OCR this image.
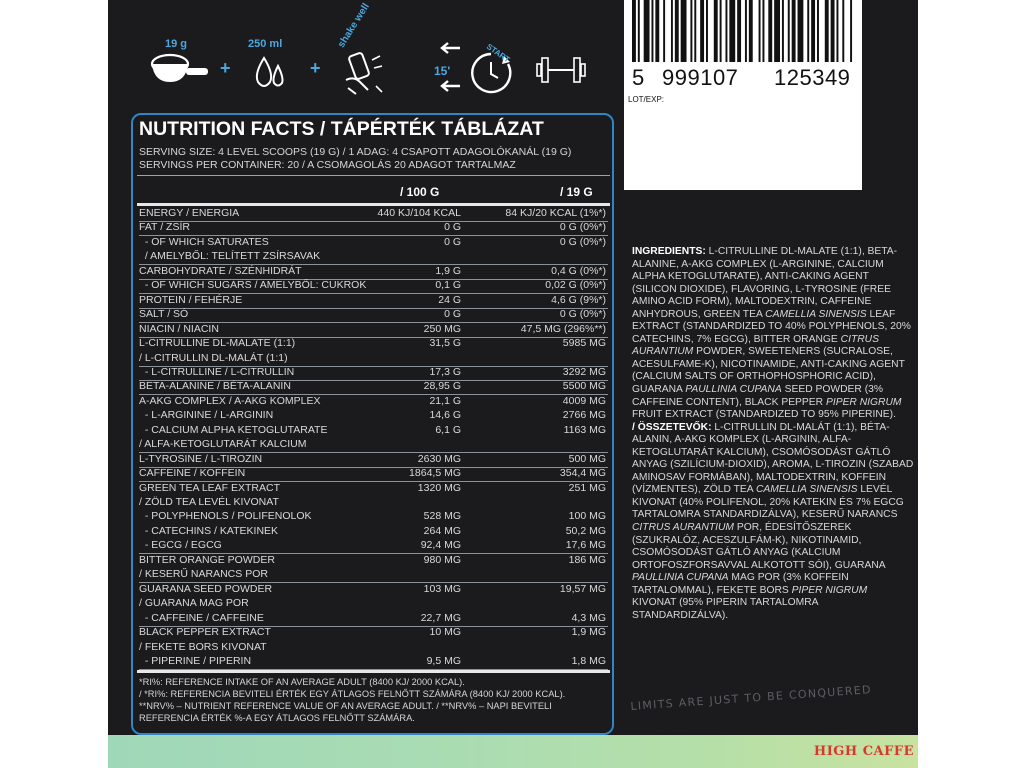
19 g
+
250 ml
+
shake well
15'
START
5 999107 125349
LOT/EXP:
NUTRITION FACTS / TÁPÉRTÉK TÁBLÁZAT
SERVING SIZE: 4 LEVEL SCOOPS (19 G) / 1 ADAG: 4 CSAPOTT ADAGOLÓKANÁL (19 G)
SERVINGS PER CONTAINER: 20 / A CSOMAGOLÁS 20 ADAGOT TARTALMAZ
/ 100 G	/ 19 G
ENERGY / ENERGIA	440 KJ/104 KCAL	84 KJ/20 KCAL (1%*)
FAT / ZSÍR	0 G	0 G (0%*)
- OF WHICH SATURATES	0 G	0 G (0%*)
/ AMELYBŐL: TELÍTETT ZSÍRSAVAK
CARBOHYDRATE / SZÉNHIDRÁT	1,9 G	0,4 G (0%*)
- OF WHICH SUGARS / AMELYBŐL: CUKROK	0,1 G	0,02 G (0%*)
PROTEIN / FEHÉRJE	24 G	4,6 G (9%*)
SALT / SÓ	0 G	0 G (0%*)
NIACIN / NIACIN	250 MG	47,5 MG (296%**)
L-CITRULLINE DL-MALATE (1:1)	31,5 G	5985 MG
/ L-CITRULLIN DL-MALÁT (1:1)
- L-CITRULLINE / L-CITRULLIN	17,3 G	3292 MG
BETA-ALANINE / BÉTA-ALANIN	28,95 G	5500 MG
A-AKG COMPLEX / A-AKG KOMPLEX	21,1 G	4009 MG
- L-ARGININE / L-ARGININ	14,6 G	2766 MG
- CALCIUM ALPHA KETOGLUTARATE	6,1 G	1163 MG
/ ALFA-KETOGLUTARÁT KALCIUM
L-TYROSINE / L-TIROZIN	2630 MG	500 MG
CAFFEINE / KOFFEIN	1864,5 MG	354,4 MG
GREEN TEA LEAF EXTRACT	1320 MG	251 MG
/ ZÖLD TEA LEVÉL KIVONAT
- POLYPHENOLS / POLIFENOLOK	528 MG	100 MG
- CATECHINS / KATEKINEK	264 MG	50,2 MG
- EGCG / EGCG	92,4 MG	17,6 MG
BITTER ORANGE POWDER	980 MG	186 MG
/ KESERŰ NARANCS POR
GUARANA SEED POWDER	103 MG	19,57 MG
/ GUARANA MAG POR
- CAFFEINE / CAFFEINE	22,7 MG	4,3 MG
BLACK PEPPER EXTRACT	10 MG	1,9 MG
/ FEKETE BORS KIVONAT
- PIPERINE / PIPERIN	9,5 MG	1,8 MG
*RI%: REFERENCE INTAKE OF AN AVERAGE ADULT (8400 KJ/ 2000 KCAL).
/ *RI%: REFERENCIA BEVITELI ÉRTÉK EGY ÁTLAGOS FELNŐTT SZÁMÁRA (8400 KJ/ 2000 KCAL).
**NRV% – NUTRIENT REFERENCE VALUE OF AN AVERAGE ADULT. / **NRV% – NAPI BEVITELI
REFERENCIA ÉRTÉK %-A EGY ÁTLAGOS FELNŐTT SZÁMÁRA.
INGREDIENTS: L-CITRULLINE DL-MALATE (1:1), BETA-ALANINE, A-AKG COMPLEX (L-ARGININE, CALCIUM ALPHA KETOGLUTARATE), ANTI-CAKING AGENT (SILICON DIOXIDE), FLAVORING, L-TYROSINE (FREE AMINO ACID FORM), MALTODEXTRIN, CAFFEINE ANHYDROUS, GREEN TEA CAMELLIA SINENSIS LEAF EXTRACT (STANDARDIZED TO 40% POLYPHENOLS, 20% CATECHINS, 7% EGCG), BITTER ORANGE CITRUS AURANTIUM POWDER, SWEETENERS (SUCRALOSE, ACESULFAME-K), NICOTINAMIDE, ANTI-CAKING AGENT (CALCIUM SALTS OF ORTHOPHOSPHORIC ACID), GUARANA PAULLINIA CUPANA SEED POWDER (3% CAFFEINE CONTENT), BLACK PEPPER PIPER NIGRUM FRUIT EXTRACT (STANDARDIZED TO 95% PIPERINE).
/ ÖSSZETEVŐK: L-CITRULLIN DL-MALÁT (1:1), BÉTA-ALANIN, A-AKG KOMPLEX (L-ARGININ, ALFA-KETOGLUTARÁT KALCIUM), CSOMÓSODÁST GÁTLÓ ANYAG (SZILÍCIUM-DIOXID), AROMA, L-TIROZIN (SZABAD AMINOSAV FORMÁBAN), MALTODEXTRIN, KOFFEIN (VÍZMENTES), ZÖLD TEA CAMELLIA SINENSIS LEVÉL KIVONAT (40% POLIFENOL, 20% KATEKIN ÉS 7% EGCG TARTALOMRA STANDARDIZÁLVA), KESERŰ NARANCS CITRUS AURANTIUM POR, ÉDESÍTŐSZEREK (SZUKRALÓZ, ACESZULFÁM-K), NIKOTINAMID, CSOMÓSODÁST GÁTLÓ ANYAG (KALCIUM ORTOFOSZFORSAVVAL ALKOTOTT SÓI), GUARANA PAULLINIA CUPANA MAG POR (3% KOFFEIN TARTALOMMAL), FEKETE BORS PIPER NIGRUM KIVONAT (95% PIPERIN TARTALOMRA STANDARDIZÁLVA).
LIMITS ARE JUST TO BE CONQUERED
HIGH CAFFE
